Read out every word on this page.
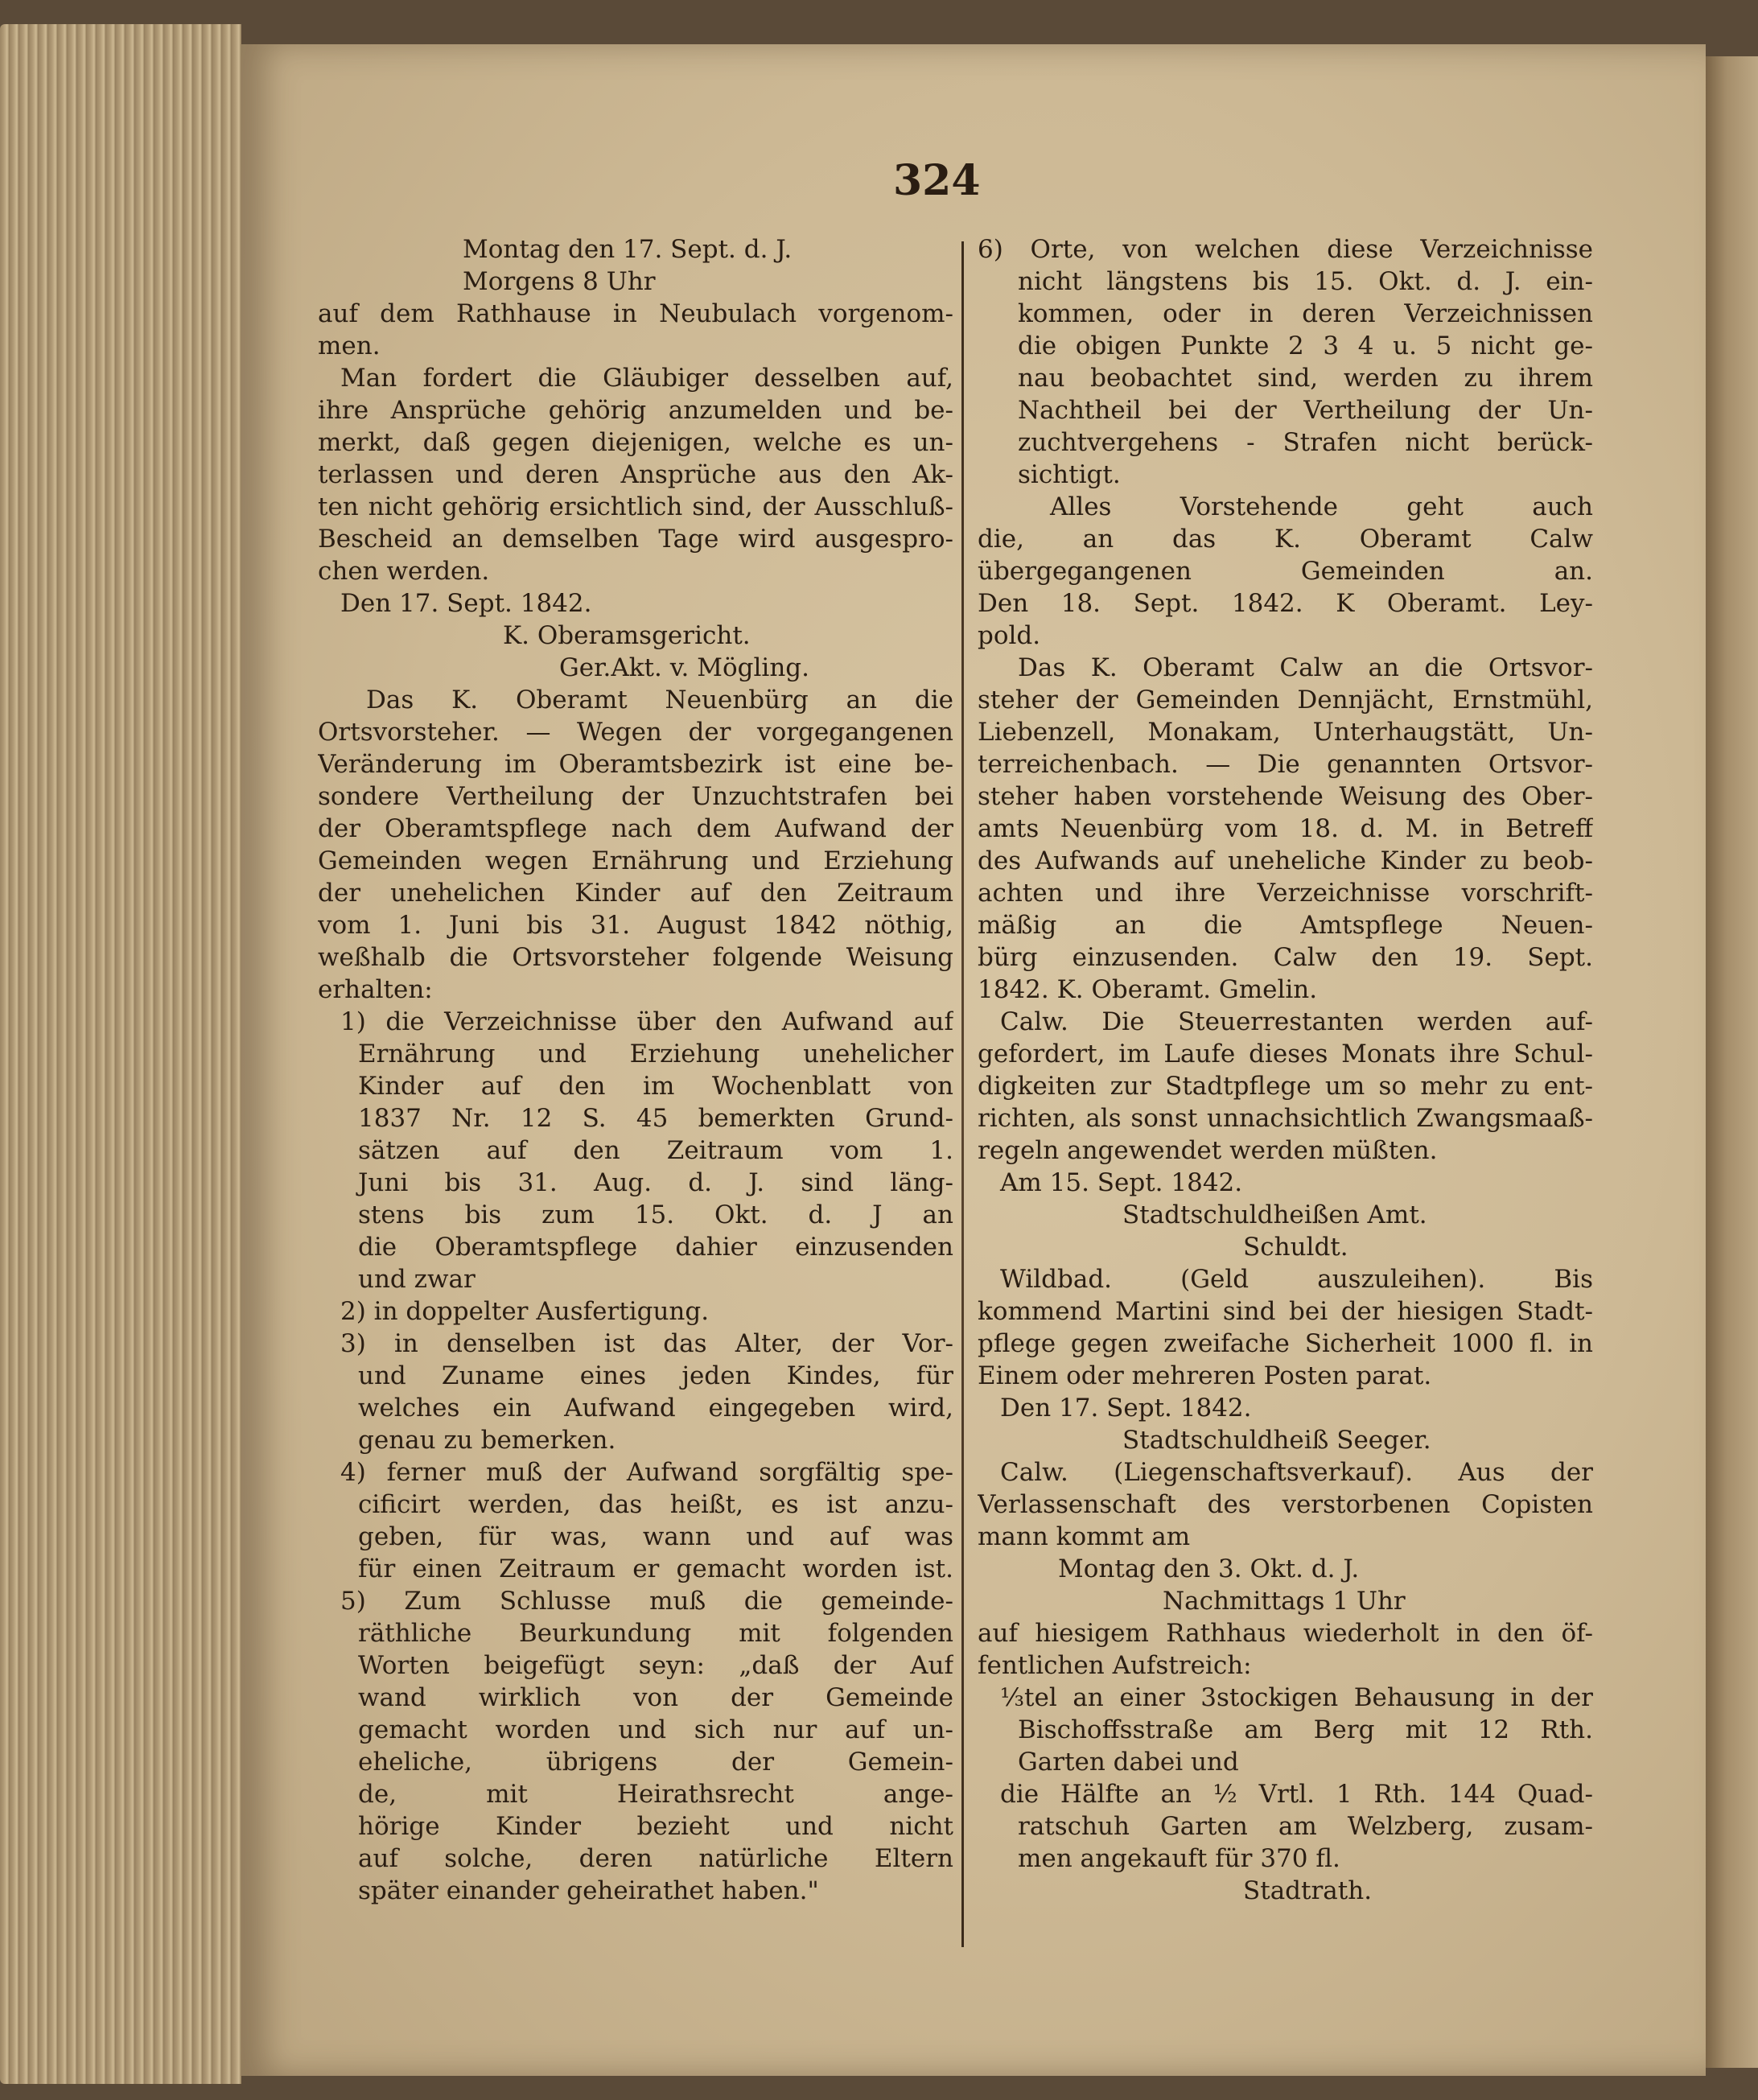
324
Montag den 17. Sept. d. J.
Morgens 8 Uhr
auf dem Rathhause in Neubulach vorgenom-
men.
Man fordert die Gläubiger desselben auf,
ihre Ansprüche gehörig anzumelden und be-
merkt, daß gegen diejenigen, welche es un-
terlassen und deren Ansprüche aus den Ak-
ten nicht gehörig ersichtlich sind, der Ausschluß-
Bescheid an demselben Tage wird ausgespro-
chen werden.
Den 17. Sept. 1842.
K. Oberamsgericht.
Ger.Akt. v. Mögling.
Das K. Oberamt Neuenbürg an die
Ortsvorsteher. — Wegen der vorgegangenen
Veränderung im Oberamtsbezirk ist eine be-
sondere Vertheilung der Unzuchtstrafen bei
der Oberamtspflege nach dem Aufwand der
Gemeinden wegen Ernährung und Erziehung
der unehelichen Kinder auf den Zeitraum
vom 1. Juni bis 31. August 1842 nöthig,
weßhalb die Ortsvorsteher folgende Weisung
erhalten:
1) die Verzeichnisse über den Aufwand auf
Ernährung und Erziehung unehelicher
Kinder auf den im Wochenblatt von
1837 Nr. 12 S. 45 bemerkten Grund-
sätzen auf den Zeitraum vom 1.
Juni bis 31. Aug. d. J. sind läng-
stens bis zum 15. Okt. d. J an
die Oberamtspflege dahier einzusenden
und zwar
2) in doppelter Ausfertigung.
3) in denselben ist das Alter, der Vor-
und Zuname eines jeden Kindes, für
welches ein Aufwand eingegeben wird,
genau zu bemerken.
4) ferner muß der Aufwand sorgfältig spe-
cificirt werden, das heißt, es ist anzu-
geben, für was, wann und auf was
für einen Zeitraum er gemacht worden ist.
5) Zum Schlusse muß die gemeinde-
räthliche Beurkundung mit folgenden
Worten beigefügt seyn: „daß der Auf
wand wirklich von der Gemeinde
gemacht worden und sich nur auf un-
eheliche, übrigens der Gemein-
de, mit Heirathsrecht ange-
hörige Kinder bezieht und nicht
auf solche, deren natürliche Eltern
später einander geheirathet haben."
6) Orte, von welchen diese Verzeichnisse
nicht längstens bis 15. Okt. d. J. ein-
kommen, oder in deren Verzeichnissen
die obigen Punkte 2 3 4 u. 5 nicht ge-
nau beobachtet sind, werden zu ihrem
Nachtheil bei der Vertheilung der Un-
zuchtvergehens - Strafen nicht berück-
sichtigt.
Alles Vorstehende geht auch
die, an das K. Oberamt Calw
übergegangenen Gemeinden an.
Den 18. Sept. 1842. K Oberamt. Ley-
pold.
Das K. Oberamt Calw an die Ortsvor-
steher der Gemeinden Dennjächt, Ernstmühl,
Liebenzell, Monakam, Unterhaugstätt, Un-
terreichenbach. — Die genannten Ortsvor-
steher haben vorstehende Weisung des Ober-
amts Neuenbürg vom 18. d. M. in Betreff
des Aufwands auf uneheliche Kinder zu beob-
achten und ihre Verzeichnisse vorschrift-
mäßig an die Amtspflege Neuen-
bürg einzusenden. Calw den 19. Sept.
1842. K. Oberamt. Gmelin.
Calw. Die Steuerrestanten werden auf-
gefordert, im Laufe dieses Monats ihre Schul-
digkeiten zur Stadtpflege um so mehr zu ent-
richten, als sonst unnachsichtlich Zwangsmaaß-
regeln angewendet werden müßten.
Am 15. Sept. 1842.
Stadtschuldheißen Amt.
Schuldt.
Wildbad. (Geld auszuleihen). Bis
kommend Martini sind bei der hiesigen Stadt-
pflege gegen zweifache Sicherheit 1000 fl. in
Einem oder mehreren Posten parat.
Den 17. Sept. 1842.
Stadtschuldheiß Seeger.
Calw. (Liegenschaftsverkauf). Aus der
Verlassenschaft des verstorbenen Copisten
mann kommt am
Montag den 3. Okt. d. J.
Nachmittags 1 Uhr
auf hiesigem Rathhaus wiederholt in den öf-
fentlichen Aufstreich:
⅓tel an einer 3stockigen Behausung in der
Bischoffsstraße am Berg mit 12 Rth.
Garten dabei und
die Hälfte an ½ Vrtl. 1 Rth. 144 Quad-
ratschuh Garten am Welzberg, zusam-
men angekauft für 370 fl.
Stadtrath.
